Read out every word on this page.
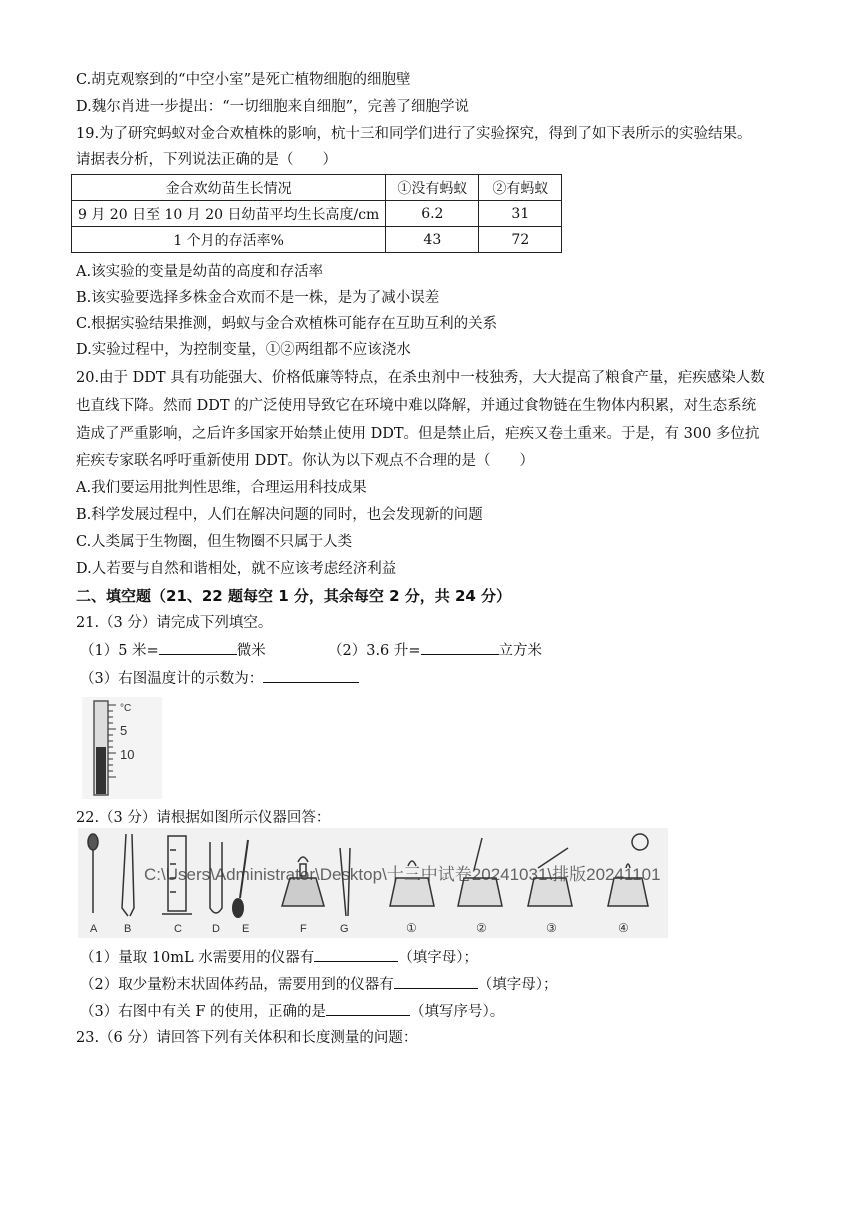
C.胡克观察到的“中空小室”是死亡植物细胞的细胞壁
D.魏尔肖进一步提出：“一切细胞来自细胞”，完善了细胞学说
19.为了研究蚂蚁对金合欢植株的影响，杭十三和同学们进行了实验探究，得到了如下表所示的实验结果。
请据表分析，下列说法正确的是（　　）
金合欢幼苗生长情况	①没有蚂蚁	②有蚂蚁
9 月 20 日至 10 月 20 日幼苗平均生长高度/cm	6.2	31
1 个月的存活率%	43	72
A.该实验的变量是幼苗的高度和存活率
B.该实验要选择多株金合欢而不是一株，是为了减小误差
C.根据实验结果推测，蚂蚁与金合欢植株可能存在互助互利的关系
D.实验过程中，为控制变量，①②两组都不应该浇水
20.由于 DDT 具有功能强大、价格低廉等特点，在杀虫剂中一枝独秀，大大提高了粮食产量，疟疾感染人数
也直线下降。然而 DDT 的广泛使用导致它在环境中难以降解，并通过食物链在生物体内积累，对生态系统
造成了严重影响，之后许多国家开始禁止使用 DDT。但是禁止后，疟疾又卷土重来。于是，有 300 多位抗
疟疾专家联名呼吁重新使用 DDT。你认为以下观点不合理的是（　　）
A.我们要运用批判性思维，合理运用科技成果
B.科学发展过程中，人们在解决问题的同时，也会发现新的问题
C.人类属于生物圈，但生物圈不只属于人类
D.人若要与自然和谐相处，就不应该考虑经济利益
二、填空题（21、22 题每空 1 分，其余每空 2 分，共 24 分）
21.（3 分）请完成下列填空。
（1）5 米=	微米	（2）3.6 升=	立方米
（3）右图温度计的示数为：
°C
5
10
22.（3 分）请根据如图所示仪器回答：
C:\Users\Administrator\Desktop\十三中试卷20241031\排版20241101
A B	C	D E	F	G	①	②	③	④
（1）量取 10mL 水需要用的仪器有	（填字母）；
（2）取少量粉末状固体药品，需要用到的仪器有	（填字母）；
（3）右图中有关 F 的使用，正确的是	（填写序号）。
23.（6 分）请回答下列有关体积和长度测量的问题：
